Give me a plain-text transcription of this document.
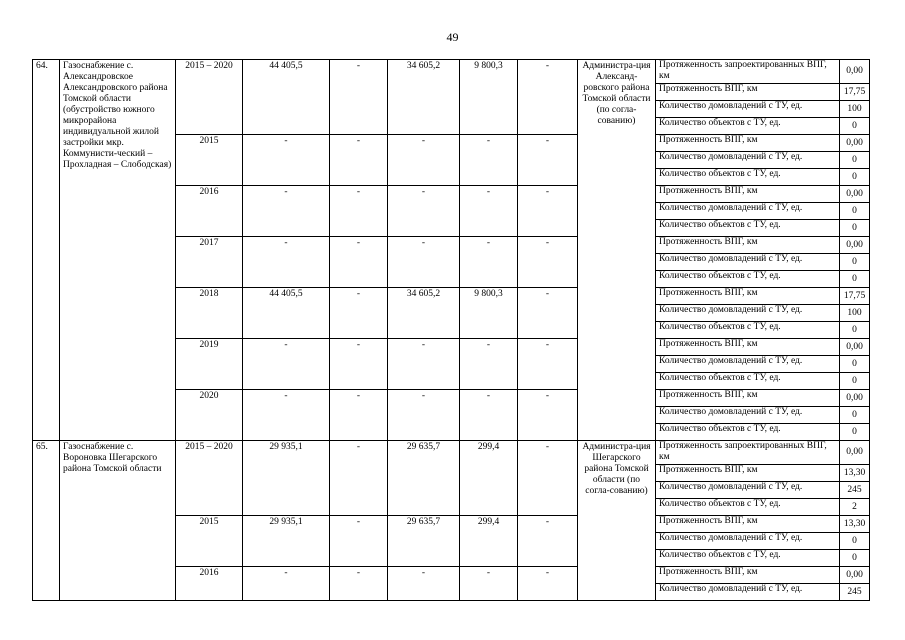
49
64.	Газоснабжение с. Александровское Александровского района Томской области (обустройство южного микрорайона индивидуальной жилой застройки мкр. Коммунисти-ческий – Прохладная – Слободская)	2015 – 2020	44 405,5	-	34 605,2	9 800,3	-	Администра-ция Александ-ровского района Томской области (по согла-сованию)	Протяженность запроектированных ВПГ, км	0,00
									Протяженность ВПГ, км	17,75
									Количество домовладений с ТУ, ед.	100
									Количество объектов с ТУ, ед.	0
		2015	-	-	-	-	-		Протяженность ВПГ, км	0,00
									Количество домовладений с ТУ, ед.	0
									Количество объектов с ТУ, ед.	0
		2016	-	-	-	-	-		Протяженность ВПГ, км	0,00
									Количество домовладений с ТУ, ед.	0
									Количество объектов с ТУ, ед.	0
		2017	-	-	-	-	-		Протяженность ВПГ, км	0,00
									Количество домовладений с ТУ, ед.	0
									Количество объектов с ТУ, ед.	0
		2018	44 405,5	-	34 605,2	9 800,3	-		Протяженность ВПГ, км	17,75
									Количество домовладений с ТУ, ед.	100
									Количество объектов с ТУ, ед.	0
		2019	-	-	-	-	-		Протяженность ВПГ, км	0,00
									Количество домовладений с ТУ, ед.	0
									Количество объектов с ТУ, ед.	0
		2020	-	-	-	-	-		Протяженность ВПГ, км	0,00
									Количество домовладений с ТУ, ед.	0
									Количество объектов с ТУ, ед.	0
65.	Газоснабжение с. Вороновка Шегарского района Томской области	2015 – 2020	29 935,1	-	29 635,7	299,4	-	Администра-ция Шегарского района Томской области (по согла-сованию)	Протяженность запроектированных ВПГ, км	0,00
									Протяженность ВПГ, км	13,30
									Количество домовладений с ТУ, ед.	245
									Количество объектов с ТУ, ед.	2
		2015	29 935,1	-	29 635,7	299,4	-		Протяженность ВПГ, км	13,30
									Количество домовладений с ТУ, ед.	0
									Количество объектов с ТУ, ед.	0
		2016	-	-	-	-	-		Протяженность ВПГ, км	0,00
									Количество домовладений с ТУ, ед.	245
